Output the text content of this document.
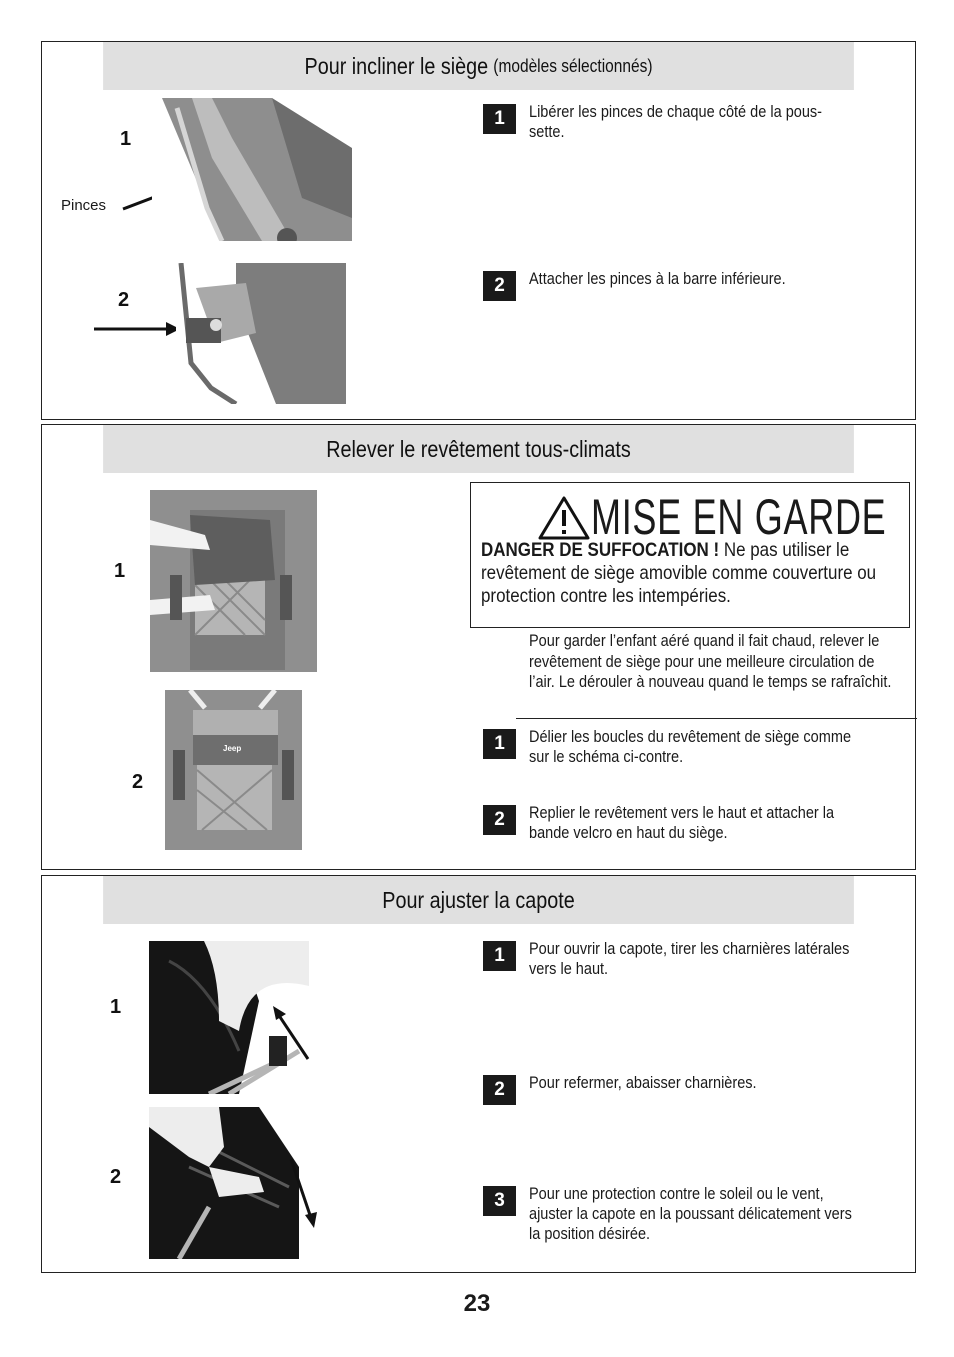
Pour incliner le siège (modèles sélectionnés)
1
Pinces
2
1	Libérer les pinces de chaque côté de la pous- sette.
2	Attacher les pinces à la barre inférieure.
Relever le revêtement tous-climats
1
2
Jeep
MISE EN GARDE
DANGER DE SUFFOCATION ! Ne pas utiliser le revêtement de siège amovible comme couverture ou protection contre les intempéries.
Pour garder l’enfant aéré quand il fait chaud, relever le revêtement de siège pour une meilleure circulation de l’air. Le dérouler à nouveau quand le temps se rafraîchit.
1	Délier les boucles du revêtement de siège comme sur le schéma ci-contre.
2	Replier le revêtement vers le haut et attacher la bande velcro en haut du siège.
Pour ajuster la capote
1
2
1	Pour ouvrir la capote, tirer les charnières latérales vers le haut.
2	Pour refermer, abaisser charnières.
3	Pour une protection contre le soleil ou le vent, ajuster la capote en la poussant délicatement vers la position désirée.
23
